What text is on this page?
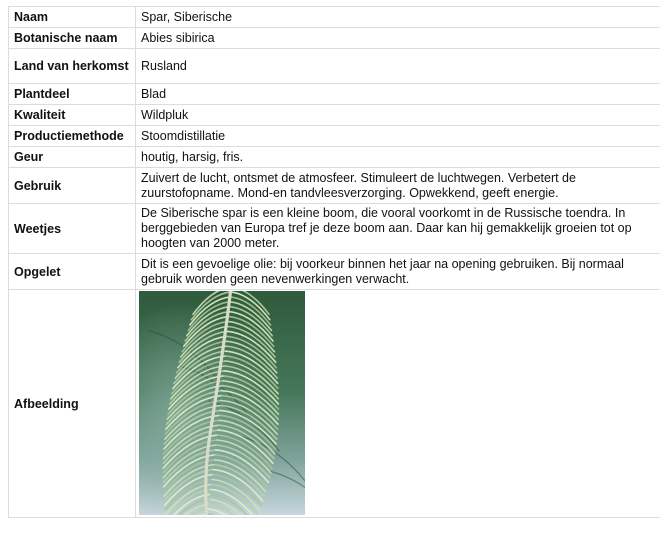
Naam	Spar, Siberische
Botanische naam	Abies sibirica
Land van herkomst	Rusland
Plantdeel	Blad
Kwaliteit	Wildpluk
Productiemethode	Stoomdistillatie
Geur	houtig, harsig, fris.
Gebruik	Zuivert de lucht, ontsmet de atmosfeer. Stimuleert de luchtwegen. Verbetert de zuurstofopname. Mond-en tandvleesverzorging. Opwekkend, geeft energie.
Weetjes	De Siberische spar is een kleine boom, die vooral voorkomt in de Russische toendra. In berggebieden van Europa tref je deze boom aan. Daar kan hij gemakkelijk groeien tot op hoogten van 2000 meter.
Opgelet	Dit is een gevoelige olie: bij voorkeur binnen het jaar na opening gebruiken. Bij normaal gebruik worden geen nevenwerkingen verwacht.
Afbeelding	
